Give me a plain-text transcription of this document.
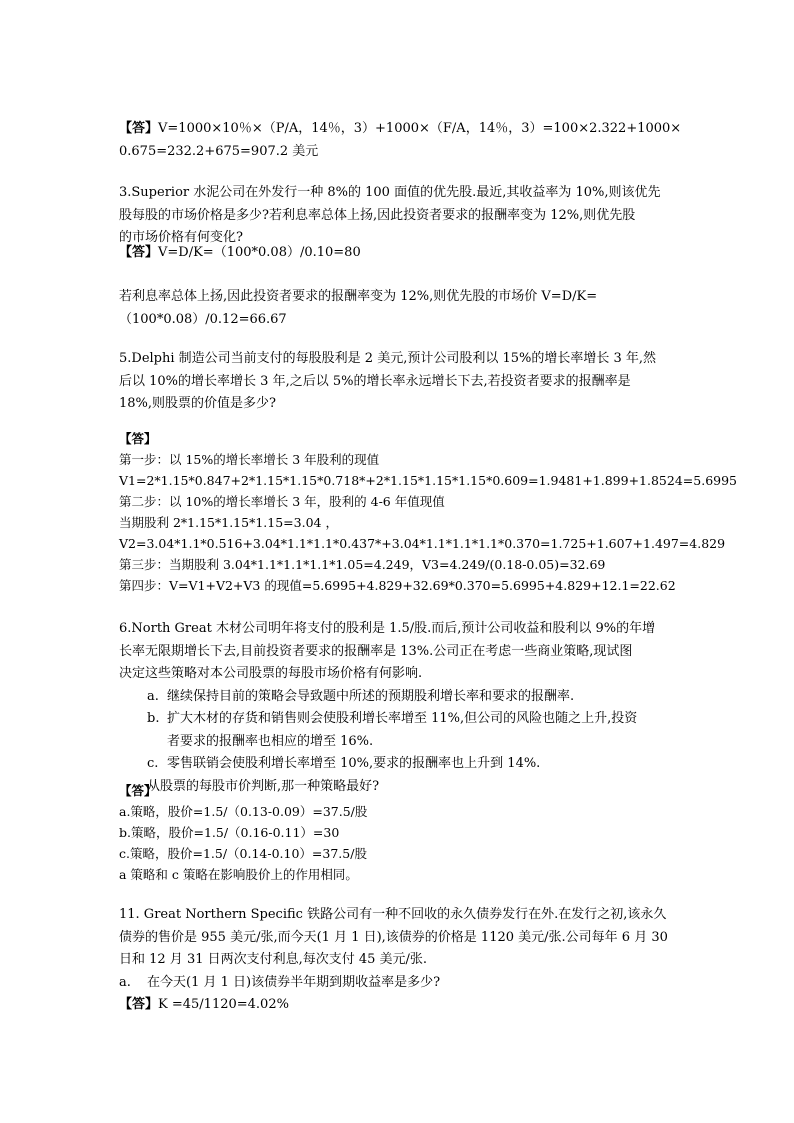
【答】V=1000×10％×（P/A，14％，3）+1000×（F/A，14％，3）=100×2.322+1000×
0.675=232.2+675=907.2 美元
3.Superior 水泥公司在外发行一种 8%的 100 面值的优先股.最近,其收益率为 10%,则该优先
股每股的市场价格是多少?若利息率总体上扬,因此投资者要求的报酬率变为 12%,则优先股
的市场价格有何变化?
【答】V=D/K=（100*0.08）/0.10=80
若利息率总体上扬,因此投资者要求的报酬率变为 12%,则优先股的市场价 V=D/K=
（100*0.08）/0.12=66.67
5.Delphi 制造公司当前支付的每股股利是 2 美元,预计公司股利以 15%的增长率增长 3 年,然
后以 10%的增长率增长 3 年,之后以 5%的增长率永远增长下去,若投资者要求的报酬率是
18%,则股票的价值是多少?
【答】
第一步：以 15%的增长率增长 3 年股利的现值
V1=2*1.15*0.847+2*1.15*1.15*0.718*+2*1.15*1.15*1.15*0.609=1.9481+1.899+1.8524=5.6995
第二步：以 10%的增长率增长 3 年，股利的 4-6 年值现值
当期股利 2*1.15*1.15*1.15=3.04 ，
V2=3.04*1.1*0.516+3.04*1.1*1.1*0.437*+3.04*1.1*1.1*1.1*0.370=1.725+1.607+1.497=4.829
第三步：当期股利 3.04*1.1*1.1*1.1*1.05=4.249，V3=4.249/(0.18-0.05)=32.69
第四步：V=V1+V2+V3 的现值=5.6995+4.829+32.69*0.370=5.6995+4.829+12.1=22.62
6.North Great 木材公司明年将支付的股利是 1.5/股.而后,预计公司收益和股利以 9%的年增
长率无限期增长下去,目前投资者要求的报酬率是 13%.公司正在考虑一些商业策略,现试图
决定这些策略对本公司股票的每股市场价格有何影响.
a. 继续保持目前的策略会导致题中所述的预期股利增长率和要求的报酬率.
b. 扩大木材的存货和销售则会使股利增长率增至 11%,但公司的风险也随之上升,投资
者要求的报酬率也相应的增至 16%.
c. 零售联销会使股利增长率增至 10%,要求的报酬率也上升到 14%.
从股票的每股市价判断,那一种策略最好?
【答】
a.策略，股价=1.5/（0.13-0.09）=37.5/股
b.策略，股价=1.5/（0.16-0.11）=30
c.策略，股价=1.5/（0.14-0.10）=37.5/股
a 策略和 c 策略在影响股价上的作用相同。
11. Great Northern Specific 铁路公司有一种不回收的永久债券发行在外.在发行之初,该永久
债券的售价是 955 美元/张,而今天(1 月 1 日),该债券的价格是 1120 美元/张.公司每年 6 月 30
日和 12 月 31 日两次支付利息,每次支付 45 美元/张.
a. 在今天(1 月 1 日)该债券半年期到期收益率是多少?
【答】K =45/1120=4.02%
